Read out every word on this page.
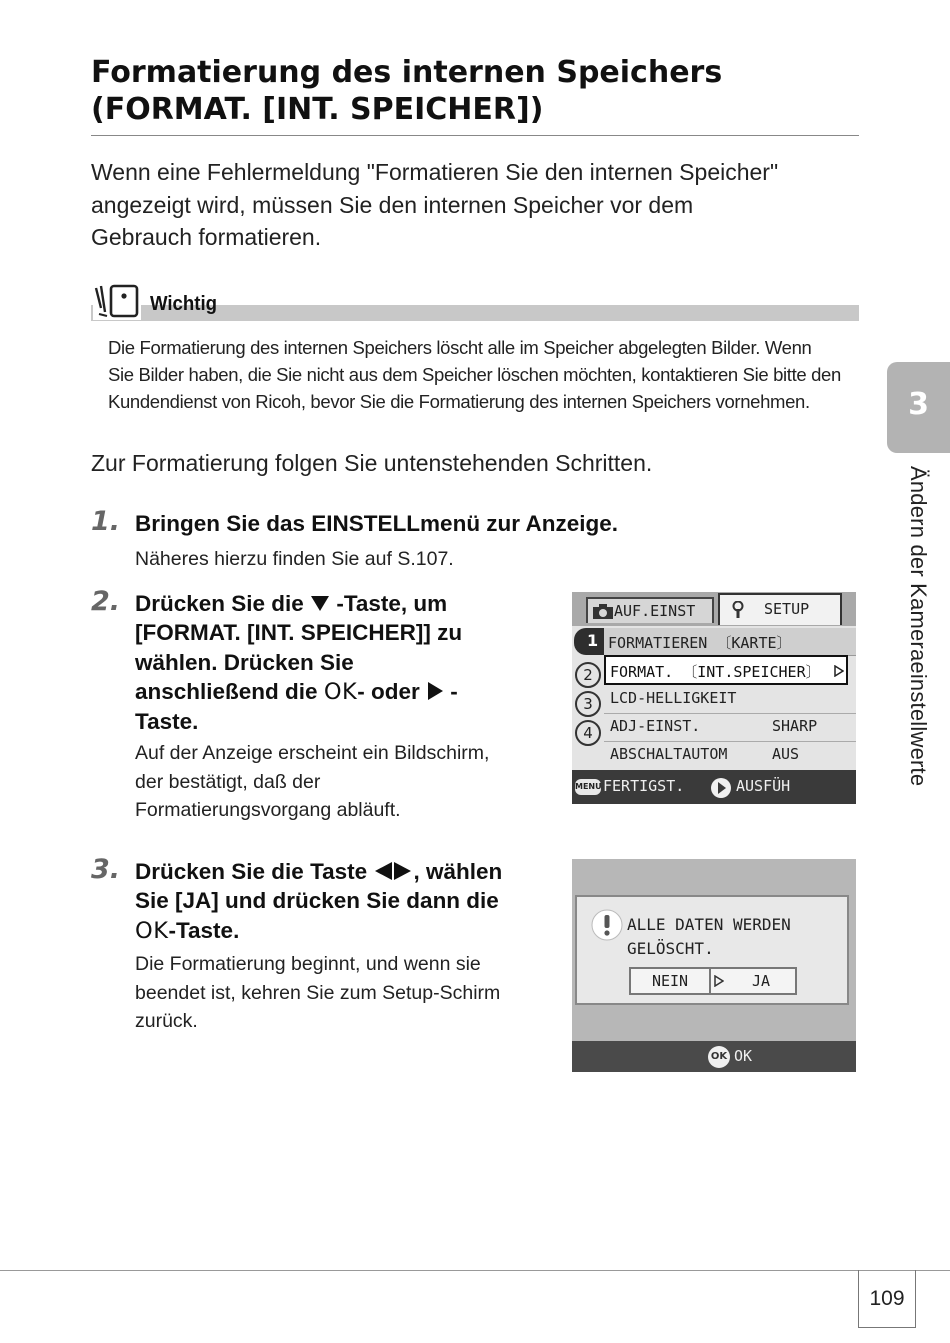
Formatierung des internen Speichers
(FORMAT. [INT. SPEICHER])
Wenn eine Fehlermeldung "Formatieren Sie den internen Speicher"
angezeigt wird, müssen Sie den internen Speicher vor dem
Gebrauch formatieren.
Wichtig
Die Formatierung des internen Speichers löscht alle im Speicher abgelegten Bilder. Wenn
Sie Bilder haben, die Sie nicht aus dem Speicher löschen möchten, kontaktieren Sie bitte den
Kundendienst von Ricoh, bevor Sie die Formatierung des internen Speichers vornehmen.
Zur Formatierung folgen Sie untenstehenden Schritten.
1. Bringen Sie das EINSTELLmenü zur Anzeige.
Näheres hierzu finden Sie auf S.107.
2. Drücken Sie die  -Taste, um
[FORMAT. [INT. SPEICHER]] zu
wählen. Drücken Sie
anschließend die OK- oder  -
Taste.
Auf der Anzeige erscheint ein Bildschirm,
der bestätigt, daß der
Formatierungsvorgang abläuft.
3. Drücken Sie die Taste , wählen
Sie [JA] und drücken Sie dann die
OK-Taste.
Die Formatierung beginnt, und wenn sie
beendet ist, kehren Sie zum Setup-Schirm
zurück.
AUF.EINST	SETUP
1
2
3
4
FORMATIEREN 〔KARTE〕
FORMAT. 〔INT.SPEICHER〕
LCD-HELLIGKEIT
ADJ-EINST.	SHARP
ABSCHALTAUTOM	AUS
MENU FERTIGST.	AUSFÜH
ALLE DATEN WERDEN
GELÖSCHT.
NEIN	JA
OK OK
3
Ändern der Kameraeinstellwerte
109
